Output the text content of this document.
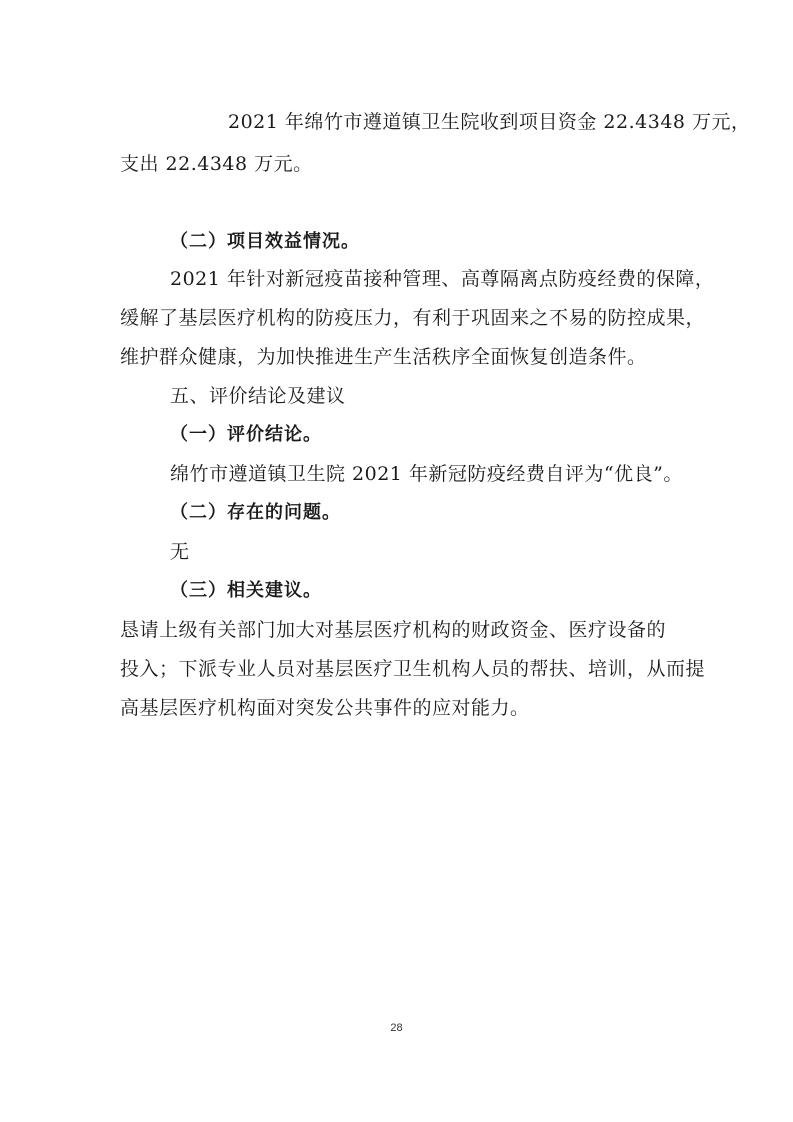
2021 年绵竹市遵道镇卫生院收到项目资金 22.4348 万元，
支出 22.4348 万元。
（二）项目效益情况。
2021 年针对新冠疫苗接种管理、高尊隔离点防疫经费的保障，
缓解了基层医疗机构的防疫压力，有利于巩固来之不易的防控成果，
维护群众健康，为加快推进生产生活秩序全面恢复创造条件。
五、评价结论及建议
（一）评价结论。
绵竹市遵道镇卫生院 2021 年新冠防疫经费自评为“优良”。
（二）存在的问题。
无
（三）相关建议。
恳请上级有关部门加大对基层医疗机构的财政资金、医疗设备的
投入；下派专业人员对基层医疗卫生机构人员的帮扶、培训，从而提
高基层医疗机构面对突发公共事件的应对能力。
28
